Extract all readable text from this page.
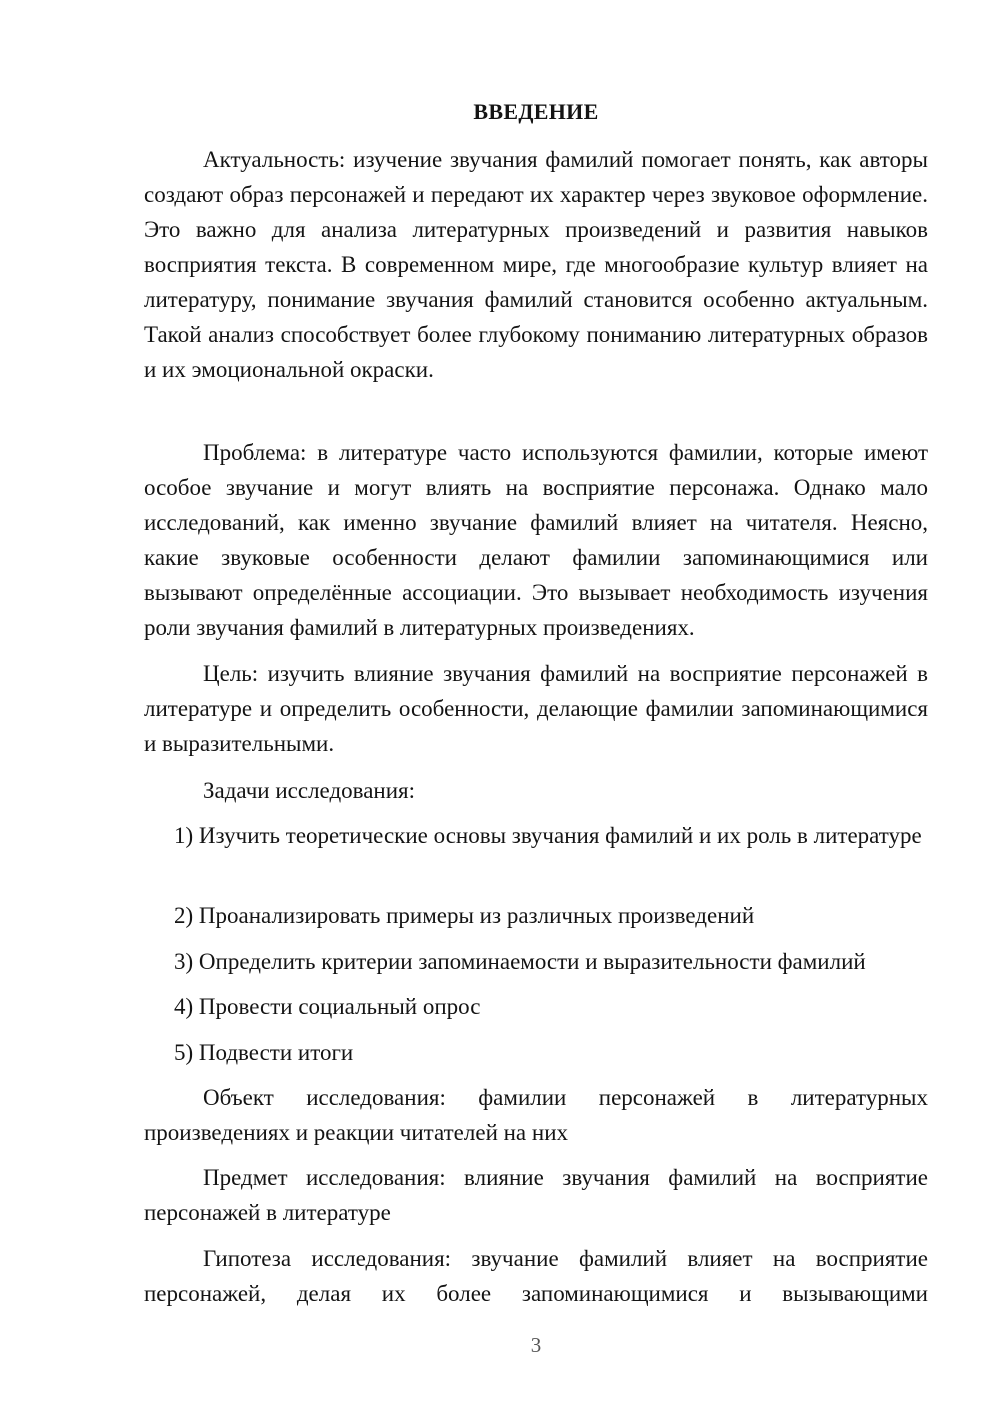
ВВЕДЕНИЕ

Актуальность: изучение звучания фамилий помогает понять, как авторы создают образ персонажей и передают их характер через звуковое оформление. Это важно для анализа литературных произведений и развития навыков восприятия текста. В современном мире, где многообразие культур влияет на литературу, понимание звучания фамилий становится особенно актуальным. Такой анализ способствует более глубокому пониманию литературных образов и их эмоциональной окраски.

Проблема: в литературе часто используются фамилии, которые имеют особое звучание и могут влиять на восприятие персонажа. Однако мало исследований, как именно звучание фамилий влияет на читателя. Неясно, какие звуковые особенности делают фамилии запоминающимися или вызывают определённые ассоциации. Это вызывает необходимость изучения роли звучания фамилий в литературных произведениях.

Цель: изучить влияние звучания фамилий на восприятие персонажей в литературе и определить особенности, делающие фамилии запоминающимися и выразительными.

Задачи исследования:

1) Изучить теоретические основы звучания фамилий и их роль в литературе

2) Проанализировать примеры из различных произведений

3) Определить критерии запоминаемости и выразительности фамилий

4) Провести социальный опрос

5) Подвести итоги

Объект исследования: фамилии персонажей в литературных произведениях и реакции читателей на них

Предмет исследования: влияние звучания фамилий на восприятие персонажей в литературе

Гипотеза исследования: звучание фамилий влияет на восприятие персонажей, делая их более запоминающимися и вызывающими

3
